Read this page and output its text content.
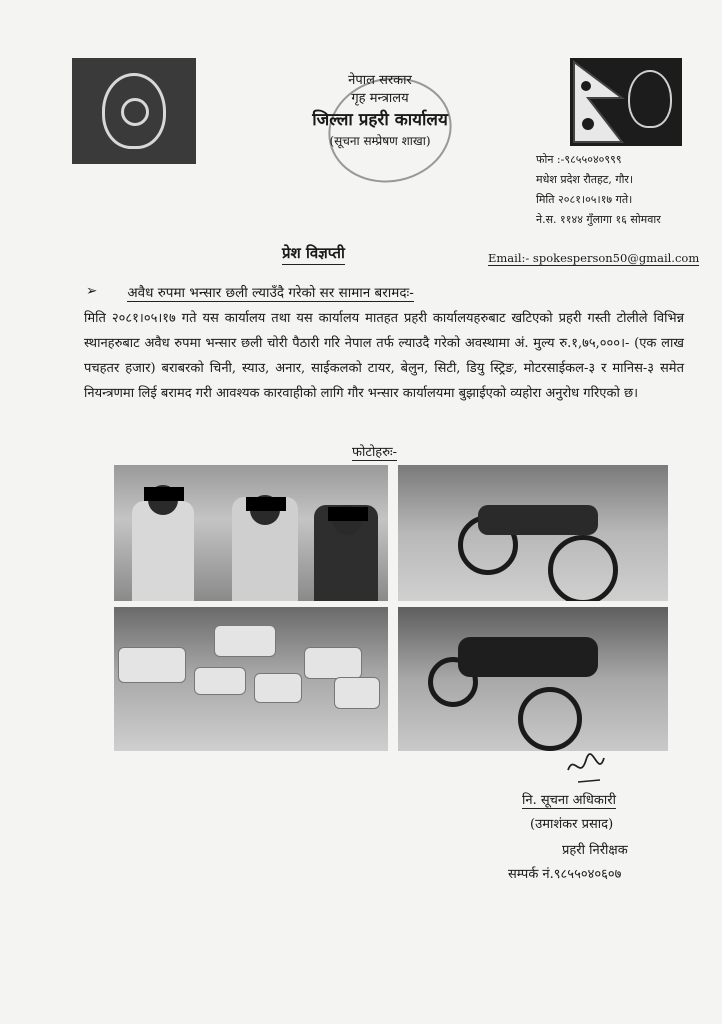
नेपाल सरकार
गृह मन्त्रालय
जिल्ला प्रहरी कार्यालय
(सूचना सम्प्रेषण शाखा)
फोन :-९८५५०४०९९९
मधेश प्रदेश रौतहट, गौर।
मिति २०८१।०५।१७ गते।
ने.स. ११४४ गुँलागा १६ सोमवार
प्रेश विज्ञप्ती	Email:- spokesperson50@gmail.com
➢ अवैध रुपमा भन्सार छली ल्याउँदै गरेको सर सामान बरामदः-
मिति २०८१।०५।१७ गते यस कार्यालय तथा यस कार्यालय मातहत प्रहरी कार्यालयहरुबाट खटिएको प्रहरी गस्ती टोलीले विभिन्न स्थानहरुबाट अवैध रुपमा भन्सार छली चोरी पैठारी गरि नेपाल तर्फ ल्याउदै गरेको अवस्थामा अं. मुल्य रु.१,७५,०००।- (एक लाख पचहतर हजार) बराबरको चिनी, स्याउ, अनार, साईकलको टायर, बेलुन, सिटी, डियु स्ट्रिङ, मोटरसाईकल-३ र मानिस-३ समेत नियन्त्रणमा लिई बरामद गरी आवश्यक कारवाहीको लागि गौर भन्सार कार्यालयमा बुझाईएको व्यहोरा अनुरोध गरिएको छ।
फोटोहरुः-
नि. सूचना अधिकारी
(उमाशंकर प्रसाद)
प्रहरी निरीक्षक
सम्पर्क नं.९८५५०४०६०७
